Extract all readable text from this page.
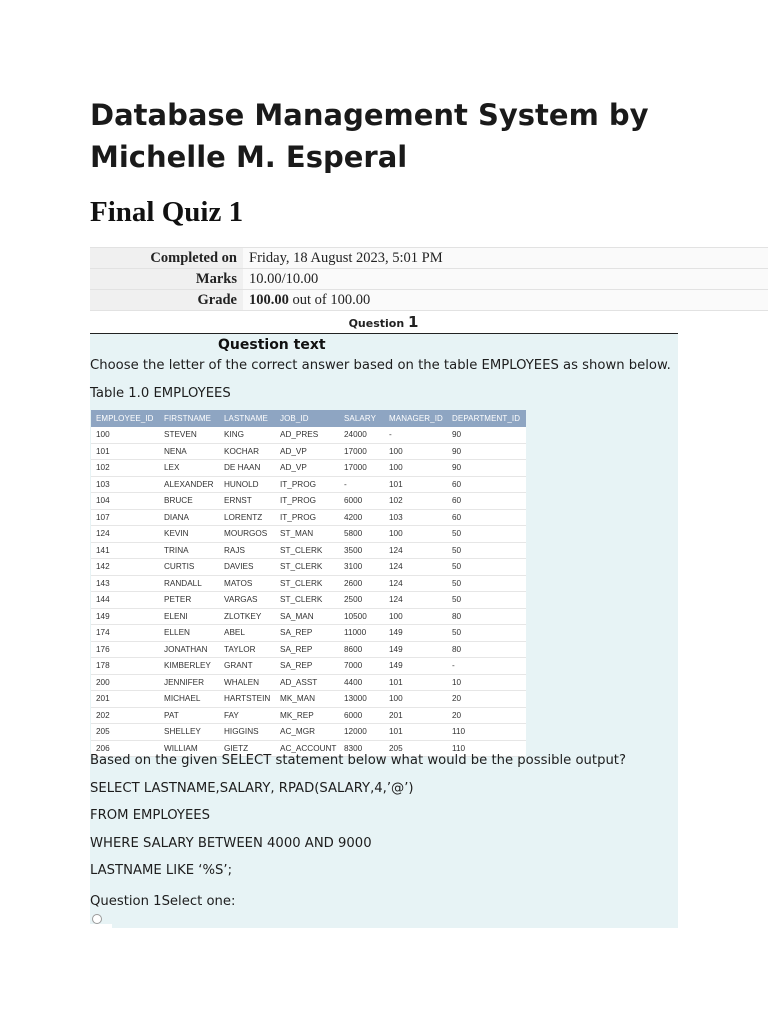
Database Management System by Michelle M. Esperal
Final Quiz 1
Completed on	Friday, 18 August 2023, 5:01 PM
Marks	10.00/10.00
Grade	100.00 out of 100.00
Question 1
Question text
Choose the letter of the correct answer based on the table EMPLOYEES as shown below.
Table 1.0 EMPLOYEES
EMPLOYEE_ID	FIRSTNAME	LASTNAME	JOB_ID	SALARY	MANAGER_ID	DEPARTMENT_ID
100	STEVEN	KING	AD_PRES	24000	-	90
101	NENA	KOCHAR	AD_VP	17000	100	90
102	LEX	DE HAAN	AD_VP	17000	100	90
103	ALEXANDER	HUNOLD	IT_PROG	-	101	60
104	BRUCE	ERNST	IT_PROG	6000	102	60
107	DIANA	LORENTZ	IT_PROG	4200	103	60
124	KEVIN	MOURGOS	ST_MAN	5800	100	50
141	TRINA	RAJS	ST_CLERK	3500	124	50
142	CURTIS	DAVIES	ST_CLERK	3100	124	50
143	RANDALL	MATOS	ST_CLERK	2600	124	50
144	PETER	VARGAS	ST_CLERK	2500	124	50
149	ELENI	ZLOTKEY	SA_MAN	10500	100	80
174	ELLEN	ABEL	SA_REP	11000	149	50
176	JONATHAN	TAYLOR	SA_REP	8600	149	80
178	KIMBERLEY	GRANT	SA_REP	7000	149	-
200	JENNIFER	WHALEN	AD_ASST	4400	101	10
201	MICHAEL	HARTSTEIN	MK_MAN	13000	100	20
202	PAT	FAY	MK_REP	6000	201	20
205	SHELLEY	HIGGINS	AC_MGR	12000	101	110
206	WILLIAM	GIETZ	AC_ACCOUNT	8300	205	110
Based on the given SELECT statement below what would be the possible output?
SELECT LASTNAME,SALARY, RPAD(SALARY,4,’@’)
FROM EMPLOYEES
WHERE SALARY BETWEEN 4000 AND 9000
LASTNAME LIKE ‘%S’;
Question 1Select one:
